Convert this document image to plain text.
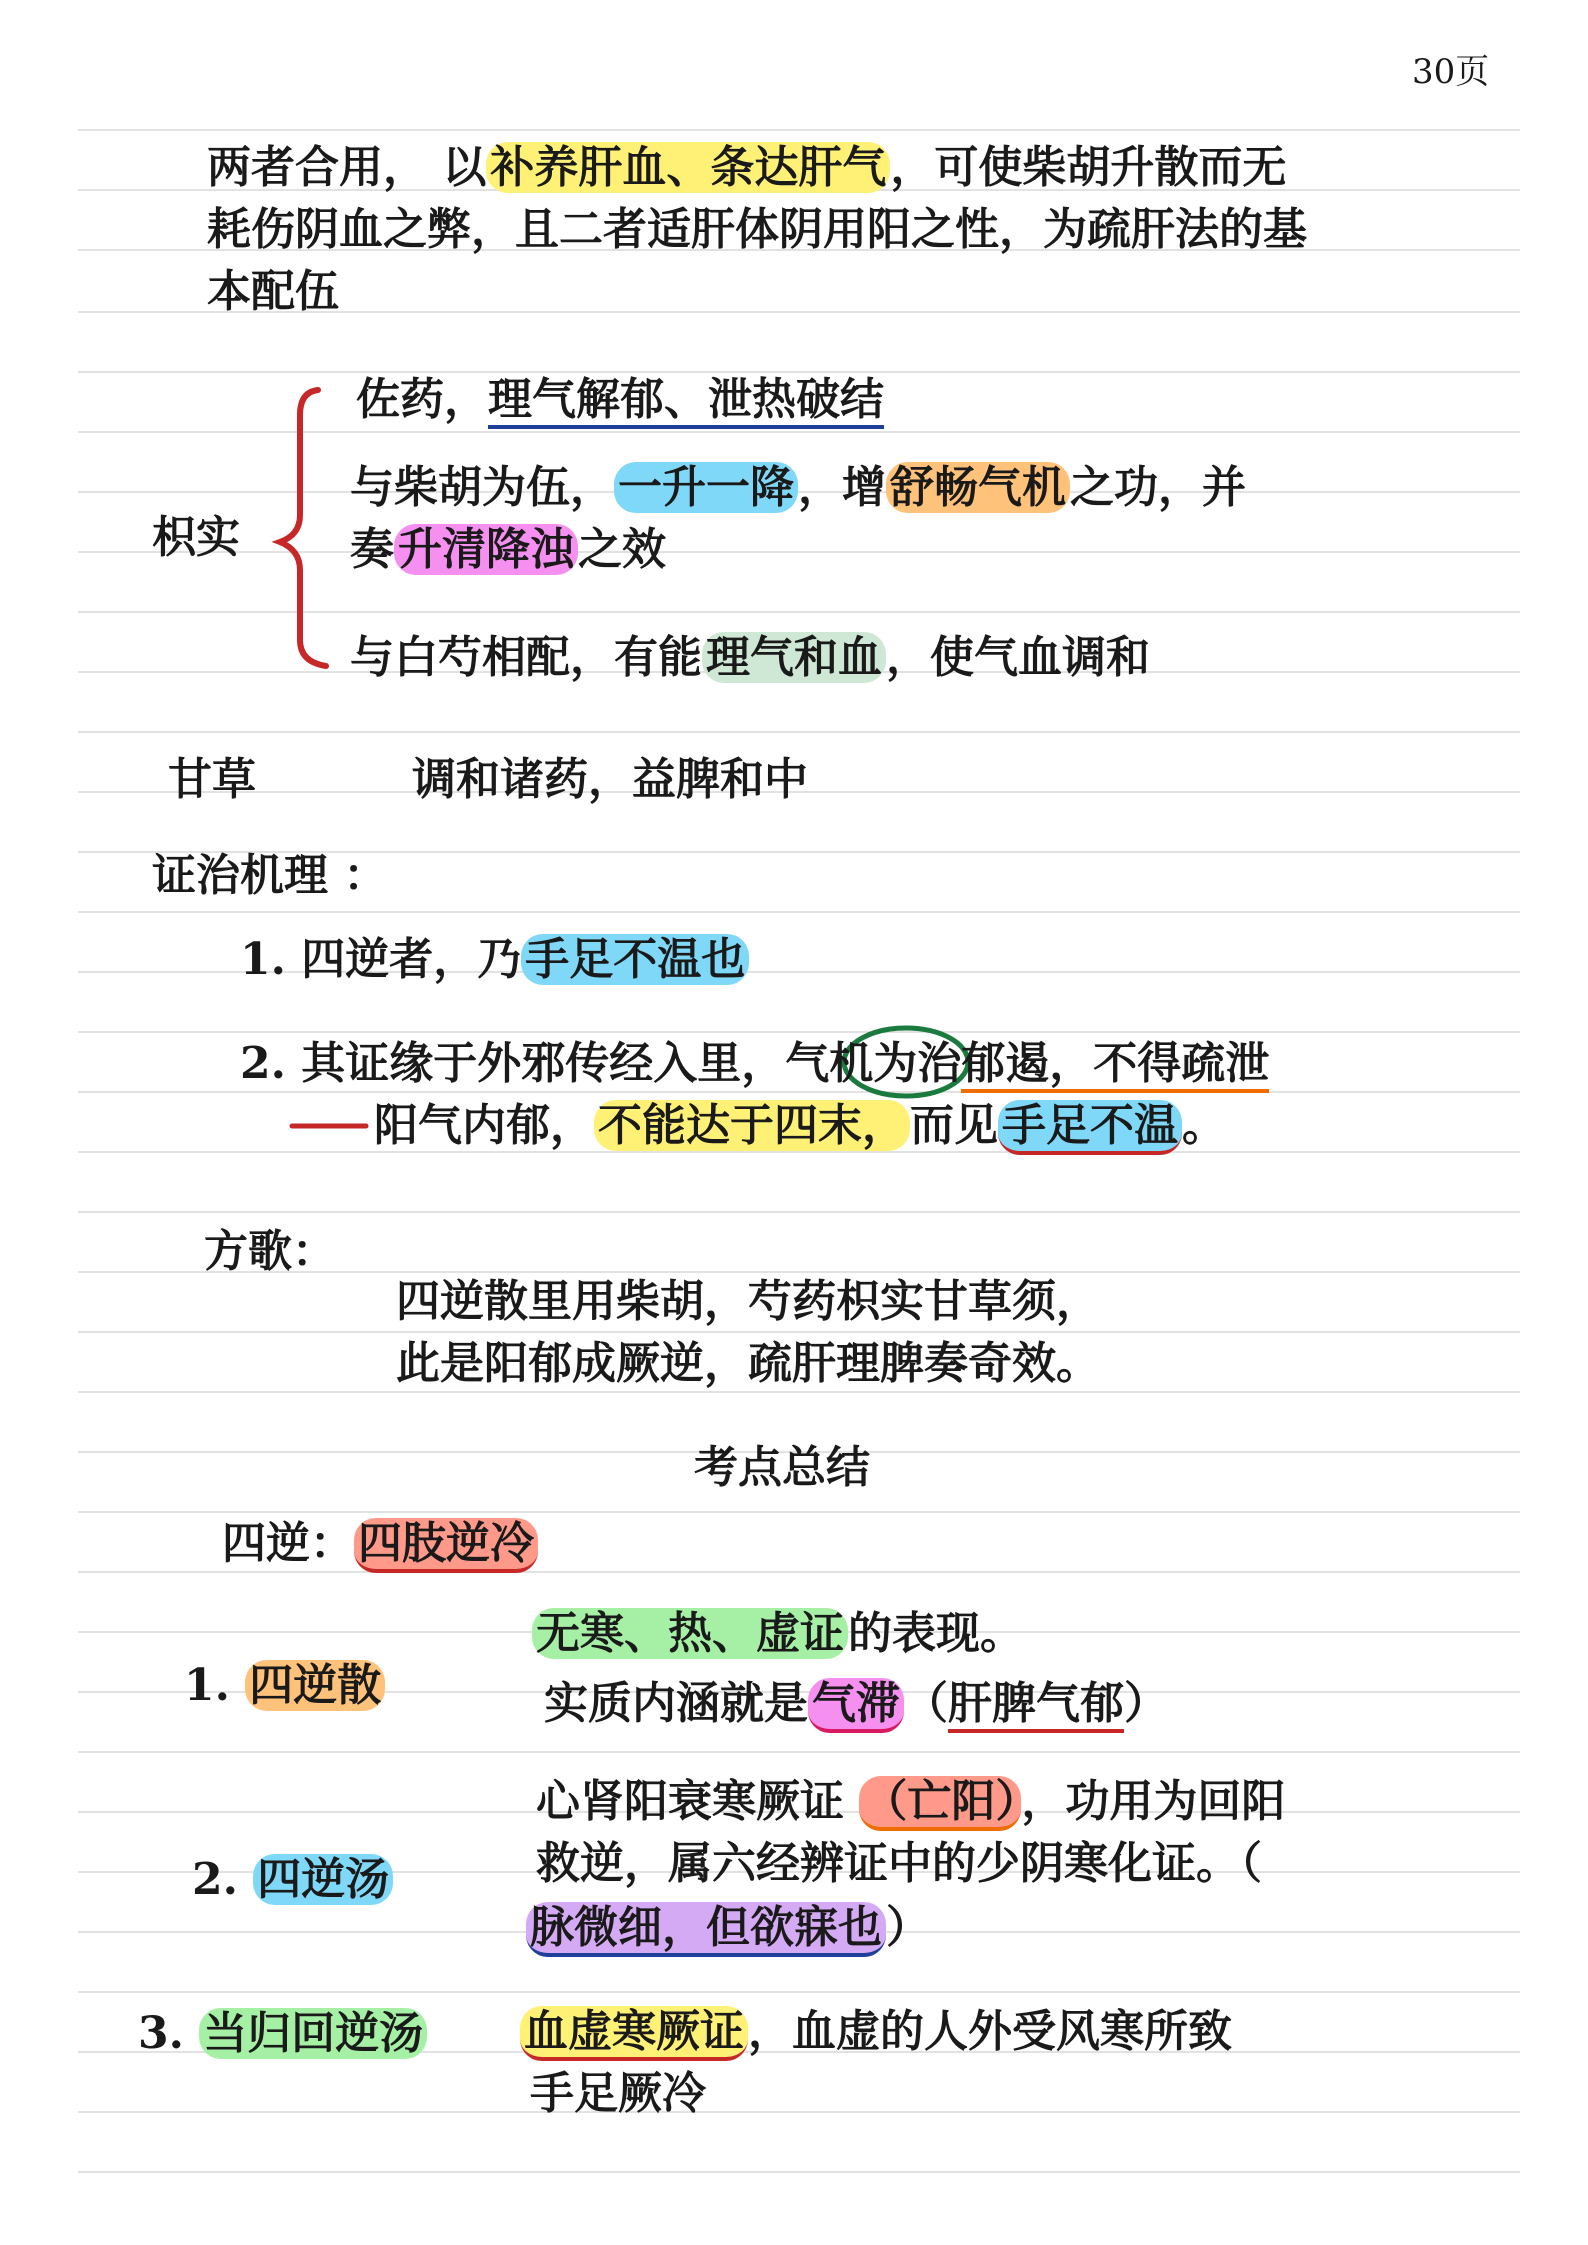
30页
两者合用， 以补养肝血、条达肝气，可使柴胡升散而无
耗伤阴血之弊，且二者适肝体阴用阳之性，为疏肝法的基
本配伍
枳实
佐药，理气解郁、泄热破结
与柴胡为伍，一升一降，增舒畅气机之功，并
奏升清降浊之效
与白芍相配，有能理气和血，使气血调和
甘草	调和诸药，益脾和中
证治机理 ：
1. 四逆者，乃手足不温也
2. 其证缘于外邪传经入里，气机为治郁遏，不得疏泄
阳气内郁，不能达于四末，而见手足不温。
方歌：
四逆散里用柴胡，芍药枳实甘草须，
此是阳郁成厥逆，疏肝理脾奏奇效。
考点总结
四逆：四肢逆冷
1. 四逆散
无寒、热、虚证的表现。
实质内涵就是气滞（肝脾气郁）
2. 四逆汤
心肾阳衰寒厥证 （亡阳），功用为回阳
救逆，属六经辨证中的少阴寒化证。（
脉微细，但欲寐也）
3. 当归回逆汤 血虚寒厥证，血虚的人外受风寒所致
手足厥冷
